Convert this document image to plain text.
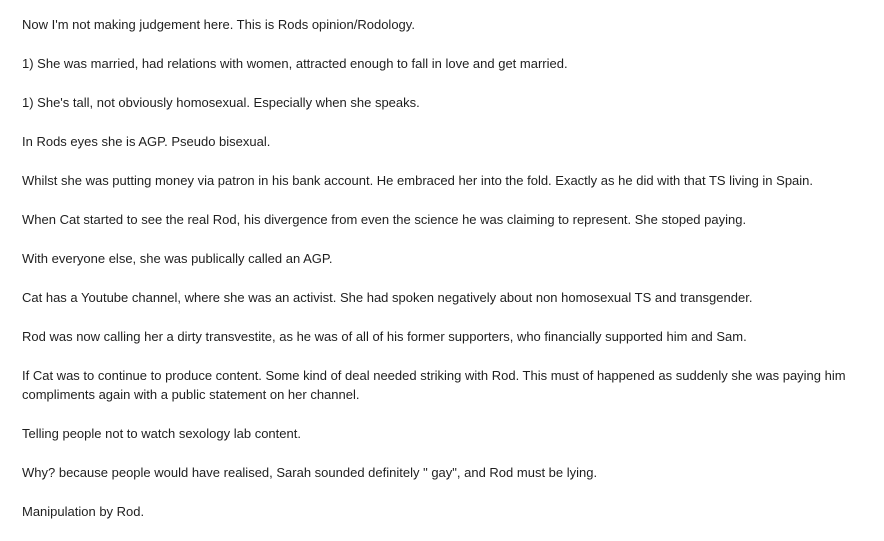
Now I'm not making judgement here. This is Rods opinion/Rodology.

1) She was married, had relations with women, attracted enough to fall in love and get married.

1) She's tall, not obviously homosexual. Especially when she speaks.

In Rods eyes she is AGP. Pseudo bisexual.

Whilst she was putting money via patron in his bank account. He embraced her into the fold. Exactly as he did with that TS living in Spain.

When Cat started to see the real Rod, his divergence from even the science he was claiming to represent. She stoped paying.

With everyone else, she was publically called an AGP.

Cat has a Youtube channel, where she was an activist. She had spoken negatively about non homosexual TS and transgender.

Rod was now calling her a dirty transvestite, as he was of all of his former supporters, who financially supported him and Sam.

If Cat was to continue to produce content. Some kind of deal needed striking with Rod. This must of happened as suddenly she was paying him compliments again with a public statement on her channel.

Telling people not to watch sexology lab content.

Why? because people would have realised, Sarah sounded definitely " gay", and Rod must be lying.

Manipulation by Rod.
